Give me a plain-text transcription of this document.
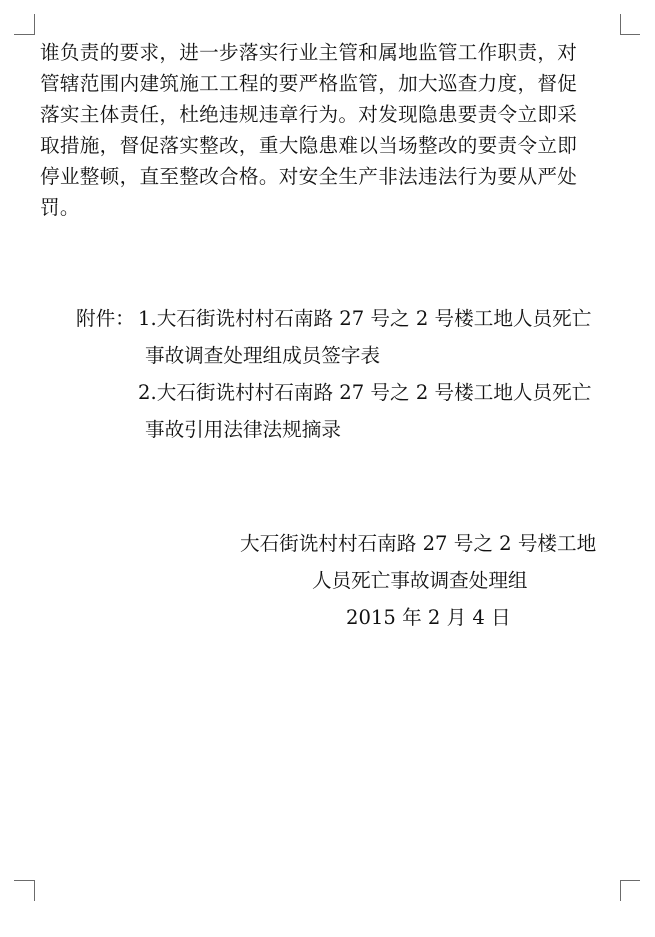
谁负责的要求，进一步落实行业主管和属地监管工作职责，对
管辖范围内建筑施工工程的要严格监管，加大巡查力度，督促
落实主体责任，杜绝违规违章行为。对发现隐患要责令立即采
取措施，督促落实整改，重大隐患难以当场整改的要责令立即
停业整顿，直至整改合格。对安全生产非法违法行为要从严处
罚。
附件： 1.大石街诜村村石南路 27 号之 2 号楼工地人员死亡
事故调查处理组成员签字表
2.大石街诜村村石南路 27 号之 2 号楼工地人员死亡
事故引用法律法规摘录
大石街诜村村石南路 27 号之 2 号楼工地
人员死亡事故调查处理组
2015 年 2 月 4 日
